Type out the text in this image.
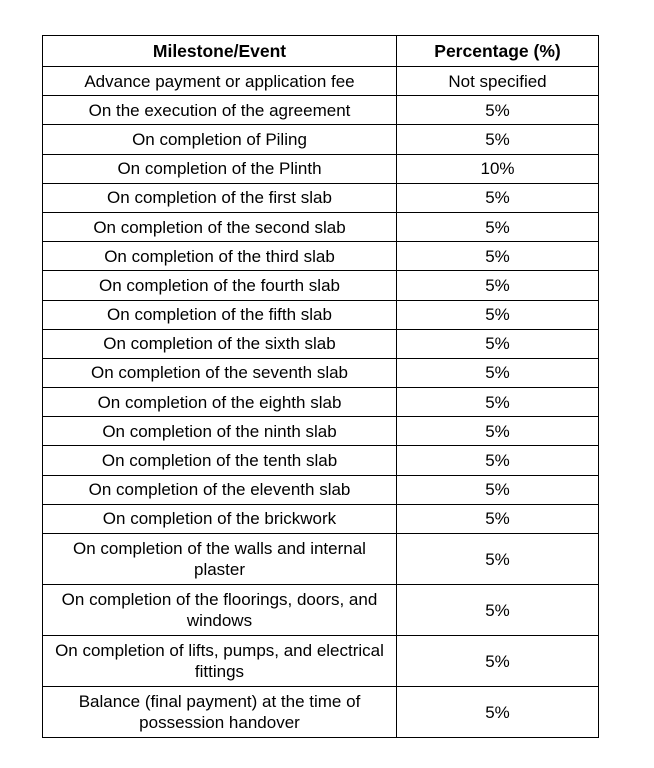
Milestone/Event	Percentage (%)
Advance payment or application fee	Not specified
On the execution of the agreement	5%
On completion of Piling	5%
On completion of the Plinth	10%
On completion of the first slab	5%
On completion of the second slab	5%
On completion of the third slab	5%
On completion of the fourth slab	5%
On completion of the fifth slab	5%
On completion of the sixth slab	5%
On completion of the seventh slab	5%
On completion of the eighth slab	5%
On completion of the ninth slab	5%
On completion of the tenth slab	5%
On completion of the eleventh slab	5%
On completion of the brickwork	5%
On completion of the walls and internal plaster	5%
On completion of the floorings, doors, and windows	5%
On completion of lifts, pumps, and electrical fittings	5%
Balance (final payment) at the time of possession handover	5%
